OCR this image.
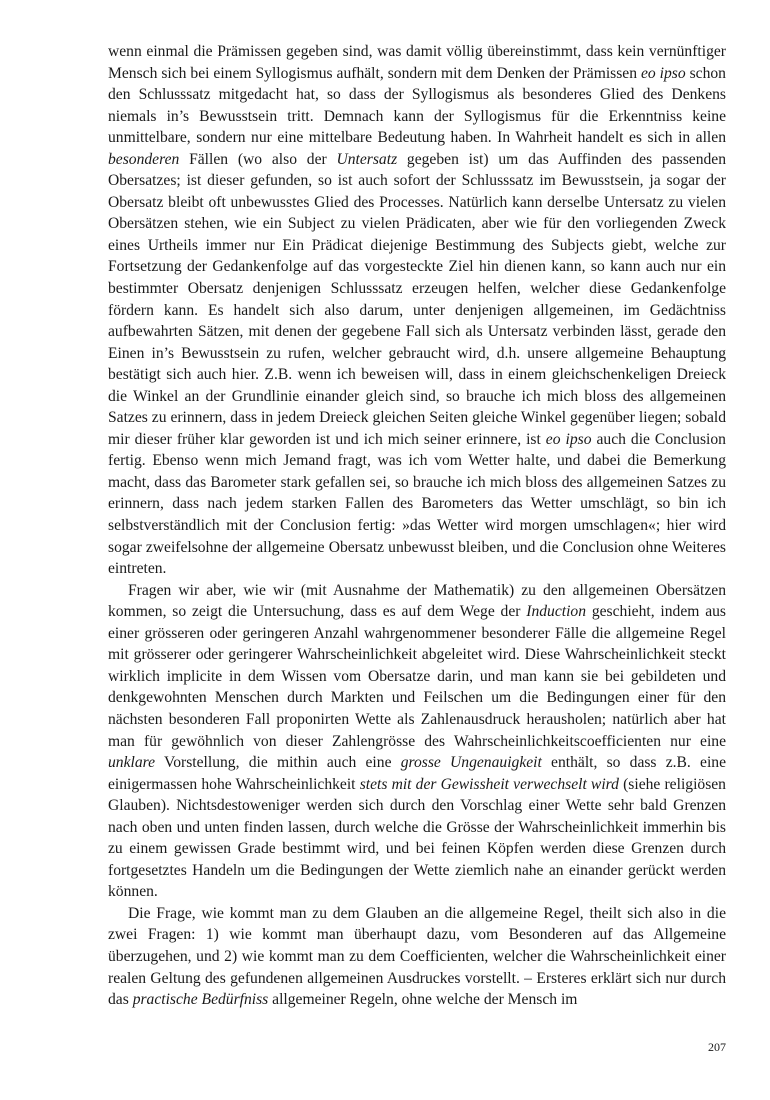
wenn einmal die Prämissen gegeben sind, was damit völlig übereinstimmt, dass kein vernünftiger Mensch sich bei einem Syllogismus aufhält, sondern mit dem Denken der Prämissen eo ipso schon den Schlusssatz mitgedacht hat, so dass der Syllogismus als besonderes Glied des Denkens niemals in’s Bewusstsein tritt. Demnach kann der Syllogismus für die Erkenntniss keine unmittelbare, sondern nur eine mittelbare Bedeutung haben. In Wahrheit handelt es sich in allen besonderen Fällen (wo also der Untersatz gegeben ist) um das Auffinden des passenden Obersatzes; ist dieser gefunden, so ist auch sofort der Schlusssatz im Bewusstsein, ja sogar der Obersatz bleibt oft unbewusstes Glied des Processes. Natürlich kann derselbe Untersatz zu vielen Obersätzen stehen, wie ein Subject zu vielen Prädicaten, aber wie für den vorliegenden Zweck eines Urtheils immer nur Ein Prädicat diejenige Bestimmung des Subjects giebt, welche zur Fortsetzung der Gedankenfolge auf das vorgesteckte Ziel hin dienen kann, so kann auch nur ein bestimmter Obersatz denjenigen Schlusssatz erzeugen helfen, welcher diese Gedankenfolge fördern kann. Es handelt sich also darum, unter denjenigen allgemeinen, im Gedächtniss aufbewahrten Sätzen, mit denen der gegebene Fall sich als Untersatz verbinden lässt, gerade den Einen in’s Bewusstsein zu rufen, welcher gebraucht wird, d.h. unsere allgemeine Behauptung bestätigt sich auch hier. Z.B. wenn ich beweisen will, dass in einem gleichschenkeligen Dreieck die Winkel an der Grundlinie einander gleich sind, so brauche ich mich bloss des allgemeinen Satzes zu erinnern, dass in jedem Dreieck gleichen Seiten gleiche Winkel gegenüber liegen; sobald mir dieser früher klar geworden ist und ich mich seiner erinnere, ist eo ipso auch die Conclusion fertig. Ebenso wenn mich Jemand fragt, was ich vom Wetter halte, und dabei die Bemerkung macht, dass das Barometer stark gefallen sei, so brauche ich mich bloss des allgemeinen Satzes zu erinnern, dass nach jedem starken Fallen des Barometers das Wetter umschlägt, so bin ich selbstverständlich mit der Conclusion fertig: »das Wetter wird morgen umschlagen«; hier wird sogar zweifelsohne der allgemeine Obersatz unbewusst bleiben, und die Conclusion ohne Weiteres eintreten.

Fragen wir aber, wie wir (mit Ausnahme der Mathematik) zu den allgemeinen Obersätzen kommen, so zeigt die Untersuchung, dass es auf dem Wege der Induction geschieht, indem aus einer grösseren oder geringeren Anzahl wahrgenommener besonderer Fälle die allgemeine Regel mit grösserer oder geringerer Wahrscheinlichkeit abgeleitet wird. Diese Wahrscheinlichkeit steckt wirklich implicite in dem Wissen vom Obersatze darin, und man kann sie bei gebildeten und denkgewohnten Menschen durch Markten und Feilschen um die Bedingungen einer für den nächsten besonderen Fall proponirten Wette als Zahlenausdruck herausholen; natürlich aber hat man für gewöhnlich von dieser Zahlengrösse des Wahrscheinlichkeitscoefficienten nur eine unklare Vorstellung, die mithin auch eine grosse Ungenauigkeit enthält, so dass z.B. eine einigermassen hohe Wahrscheinlichkeit stets mit der Gewissheit verwechselt wird (siehe religiösen Glauben). Nichtsdestoweniger werden sich durch den Vorschlag einer Wette sehr bald Grenzen nach oben und unten finden lassen, durch welche die Grösse der Wahrscheinlichkeit immerhin bis zu einem gewissen Grade bestimmt wird, und bei feinen Köpfen werden diese Grenzen durch fortgesetztes Handeln um die Bedingungen der Wette ziemlich nahe an einander gerückt werden können.

Die Frage, wie kommt man zu dem Glauben an die allgemeine Regel, theilt sich also in die zwei Fragen: 1) wie kommt man überhaupt dazu, vom Besonderen auf das Allgemeine überzugehen, und 2) wie kommt man zu dem Coefficienten, welcher die Wahrscheinlichkeit einer realen Geltung des gefundenen allgemeinen Ausdruckes vorstellt. – Ersteres erklärt sich nur durch das practische Bedürfniss allgemeiner Regeln, ohne welche der Mensch im

207
